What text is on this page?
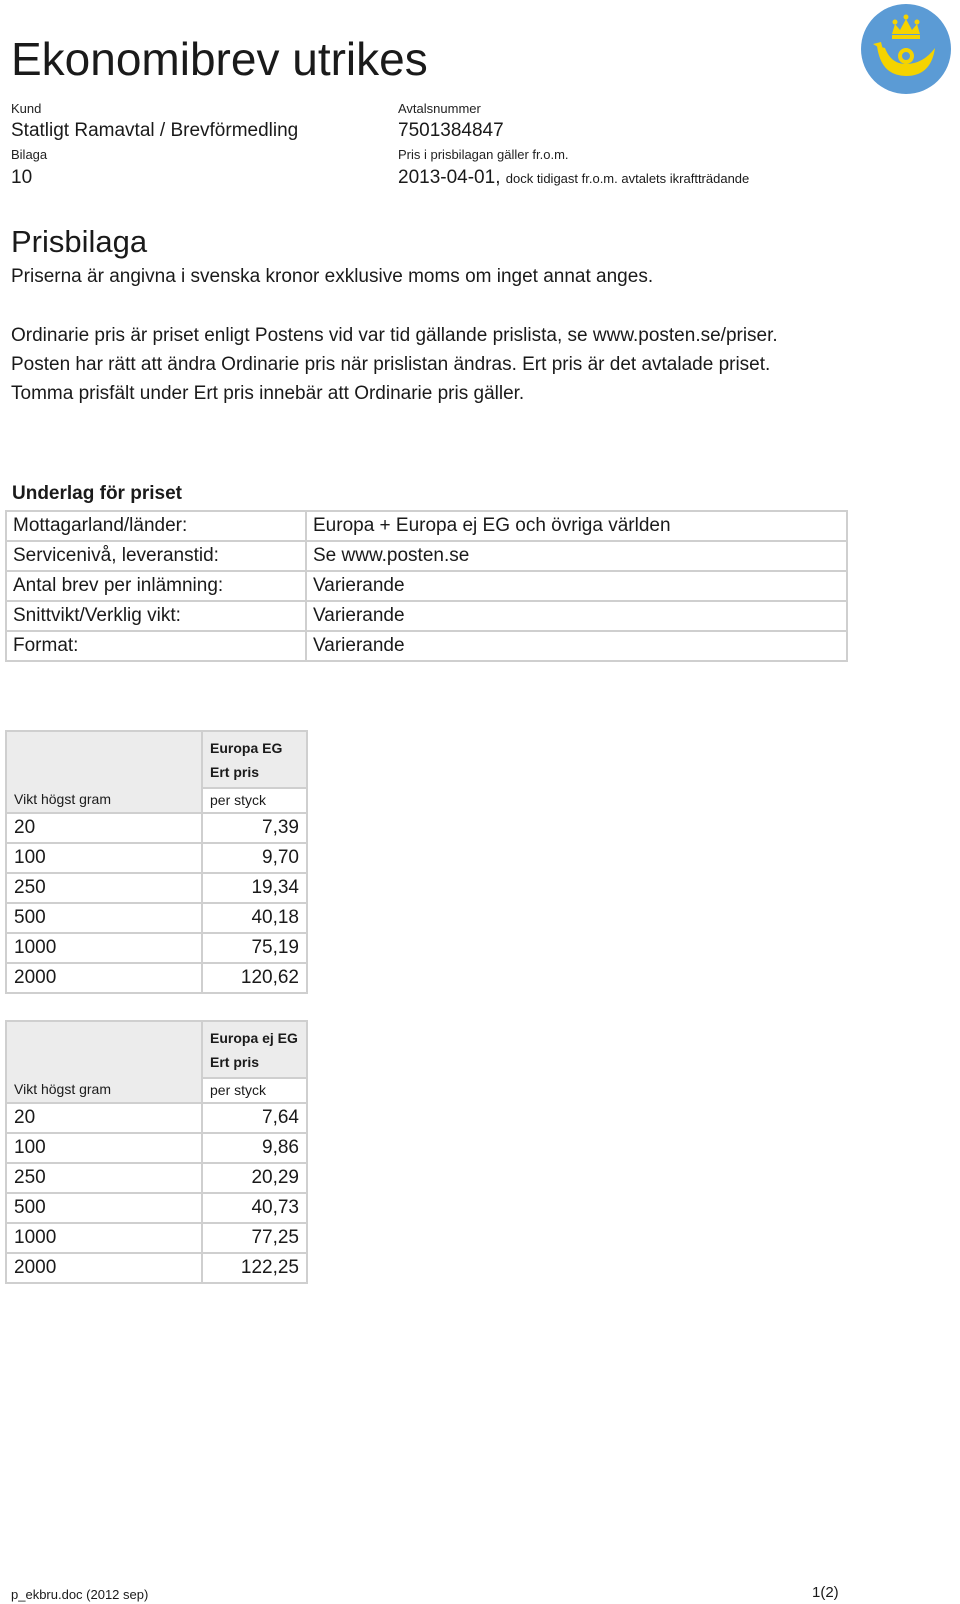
Ekonomibrev utrikes
Kund
Statligt Ramavtal / Brevförmedling
Bilaga
10
Avtalsnummer
7501384847
Pris i prisbilagan gäller fr.o.m.
2013-04-01, dock tidigast fr.o.m. avtalets ikraftträdande
Prisbilaga
Priserna är angivna i svenska kronor exklusive moms om inget annat anges.
Ordinarie pris är priset enligt Postens vid var tid gällande prislista, se www.posten.se/priser.
Posten har rätt att ändra Ordinarie pris när prislistan ändras. Ert pris är det avtalade priset.
Tomma prisfält under Ert pris innebär att Ordinarie pris gäller.
Underlag för priset
Mottagarland/länder:	Europa + Europa ej EG och övriga världen
Servicenivå, leveranstid:	Se www.posten.se
Antal brev per inlämning:	Varierande
Snittvikt/Verklig vikt:	Varierande
Format:	Varierande
Vikt högst gram	Europa EG
Ert pris
per styck

20	7,39
100	9,70
250	19,34
500	40,18
1000	75,19
2000	120,62
Vikt högst gram	Europa ej EG
Ert pris
per styck

20	7,64
100	9,86
250	20,29
500	40,73
1000	77,25
2000	122,25
p_ekbru.doc (2012 sep)	1(2)
